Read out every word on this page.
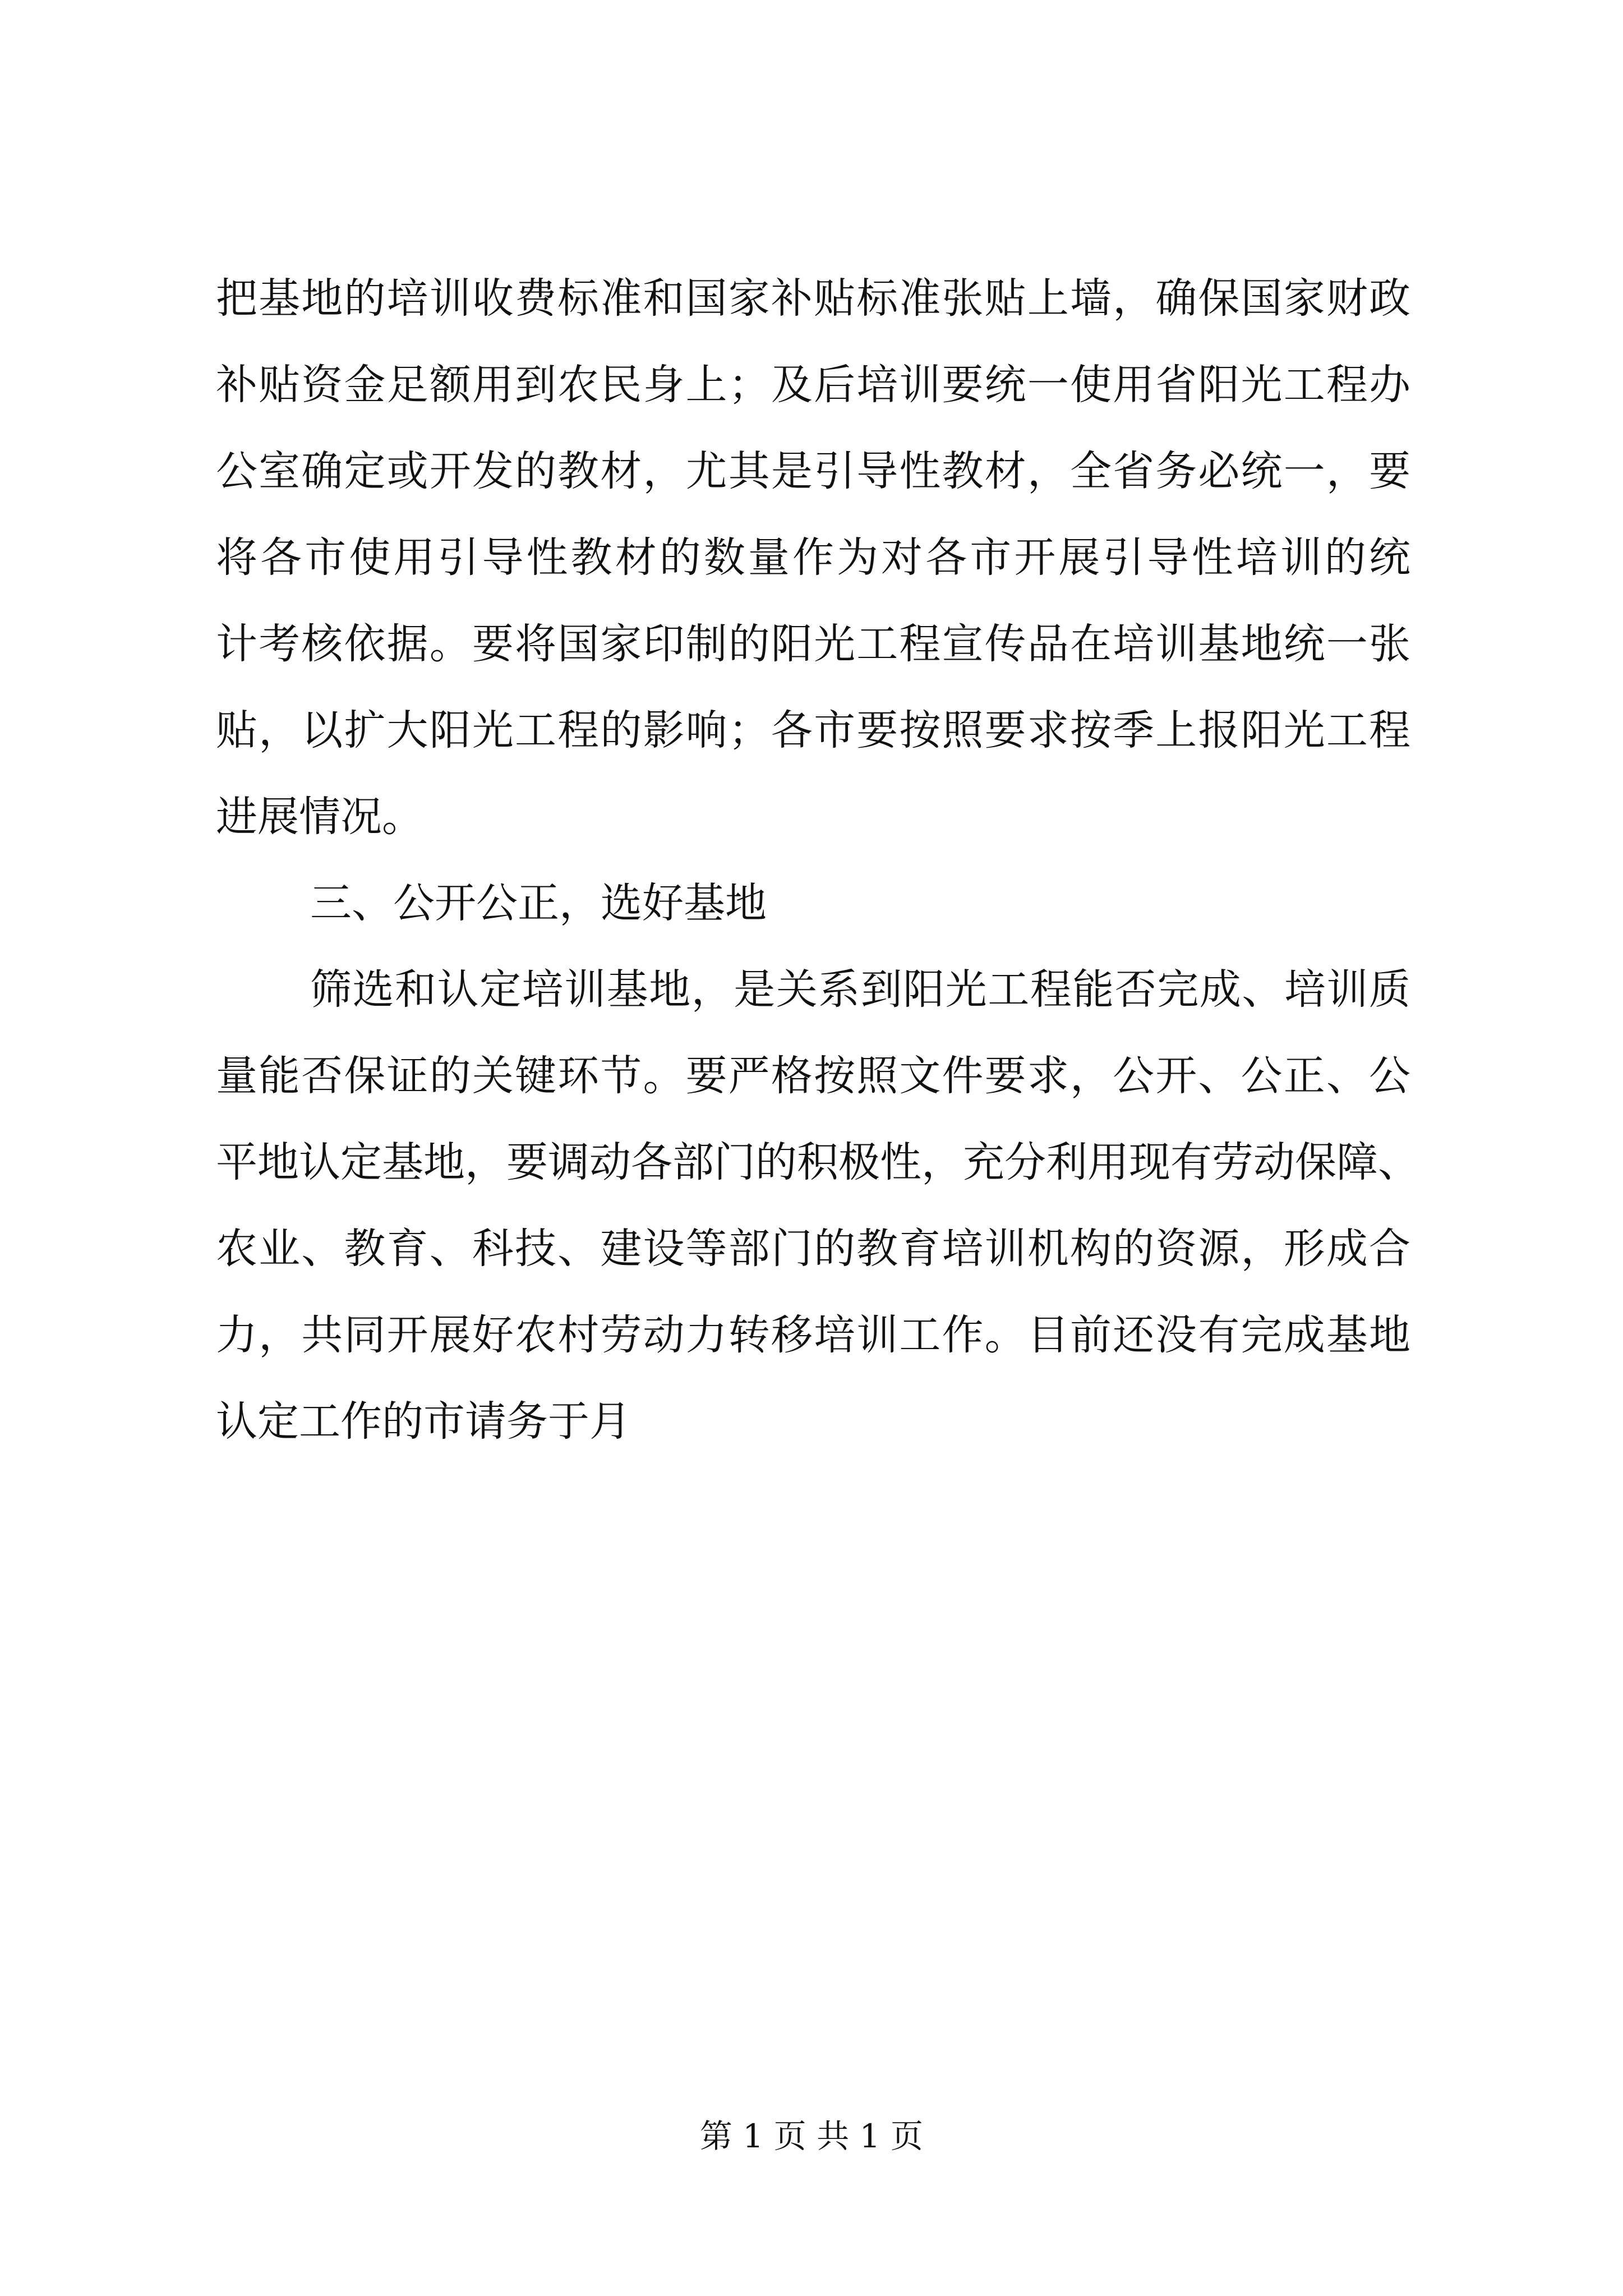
把基地的培训收费标准和国家补贴标准张贴上墙，确保国家财政
补贴资金足额用到农民身上；及后培训要统一使用省阳光工程办
公室确定或开发的教材，尤其是引导性教材，全省务必统一，要
将各市使用引导性教材的数量作为对各市开展引导性培训的统
计考核依据。要将国家印制的阳光工程宣传品在培训基地统一张
贴，以扩大阳光工程的影响；各市要按照要求按季上报阳光工程
进展情况。
三、公开公正，选好基地
筛选和认定培训基地，是关系到阳光工程能否完成、培训质
量能否保证的关键环节。要严格按照文件要求，公开、公正、公
平地认定基地，要调动各部门的积极性，充分利用现有劳动保障、
农业、教育、科技、建设等部门的教育培训机构的资源，形成合
力，共同开展好农村劳动力转移培训工作。目前还没有完成基地
认定工作的市请务于月
第 1 页 共 1 页
